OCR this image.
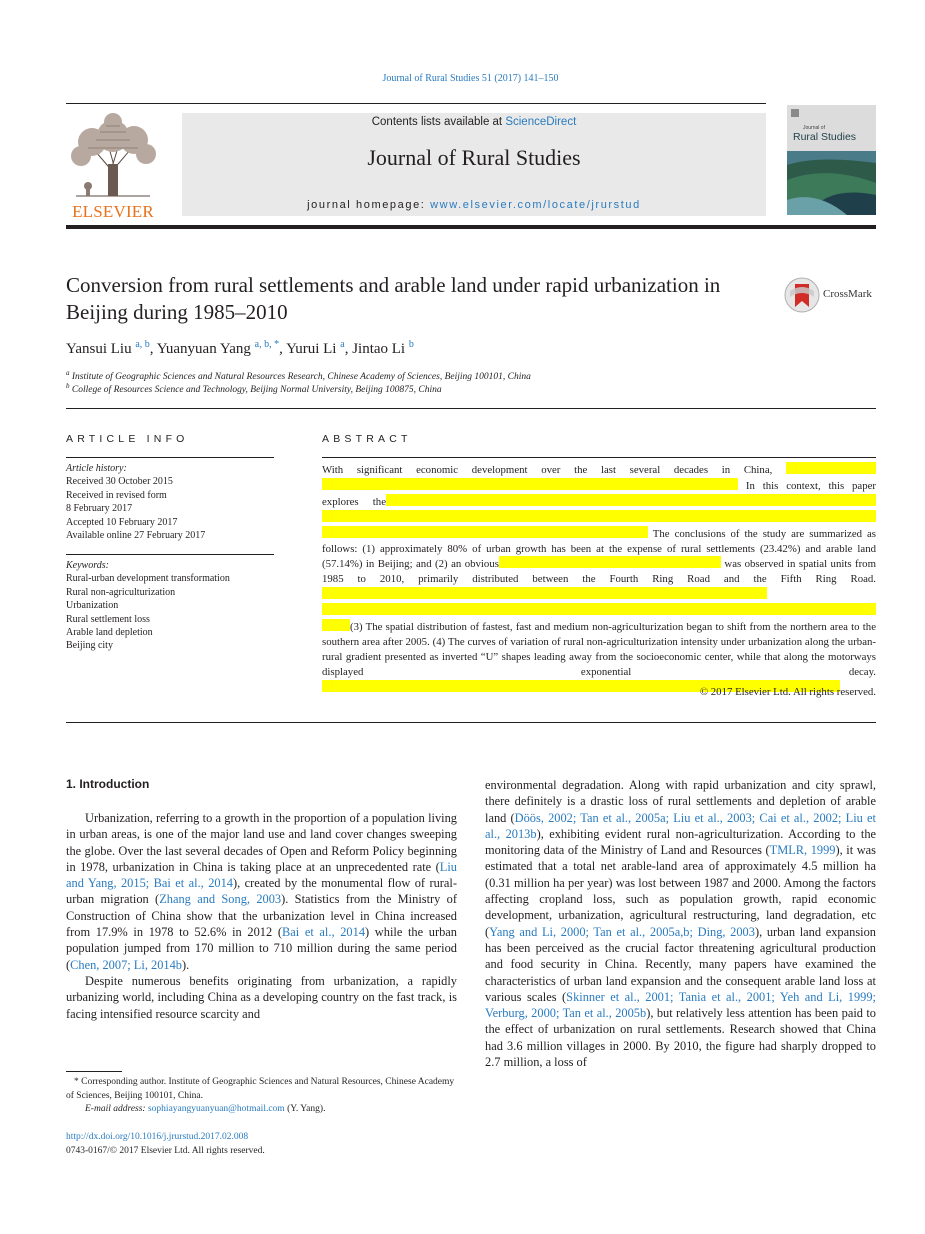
Journal of Rural Studies 51 (2017) 141–150
ELSEVIER
Contents lists available at ScienceDirect
Journal of Rural Studies
journal homepage: www.elsevier.com/locate/jrurstud
Journal of
Rural Studies
Conversion from rural settlements and arable land under rapid urbanization in Beijing during 1985–2010
CrossMark
Yansui Liu $^{a, b}$, Yuanyuan Yang $^{a, b, *}$, Yurui Li $^a$, Jintao Li $^b$
$^a$ Institute of Geographic Sciences and Natural Resources Research, Chinese Academy of Sciences, Beijing 100101, China
$^b$ College of Resources Science and Technology, Beijing Normal University, Beijing 100875, China
ARTICLE INFO
Article history:
Received 30 October 2015
Received in revised form
8 February 2017
Accepted 10 February 2017
Available online 27 February 2017
Keywords:
Rural-urban development transformation
Rural non-agriculturization
Urbanization
Rural settlement loss
Arable land depletion
Beijing city
ABSTRACT
With significant economic development over the last several decades in China,   In this context, this paper explores the   The conclusions of the study are summarized as follows: (1) approximately 80% of urban growth has been at the expense of rural settlements (23.42%) and arable land (57.14%) in Beijing; and (2) an obvious	was observed in spatial units from 1985 to 2010, primarily distributed between the Fourth Ring Road and the Fifth Ring Road.  (3) The spatial distribution of fastest, fast and medium non-agriculturization began to shift from the northern area to the southern area after 2005. (4) The curves of variation of rural non-agriculturization intensity under urbanization along the urban-rural gradient presented as inverted “U” shapes leading away from the socioeconomic center, while that along the motorways displayed exponential decay.
© 2017 Elsevier Ltd. All rights reserved.
1. Introduction

Urbanization, referring to a growth in the proportion of a population living in urban areas, is one of the major land use and land cover changes sweeping the globe. Over the last several decades of Open and Reform Policy beginning in 1978, urbanization in China is taking place at an unprecedented rate (Liu and Yang, 2015; Bai et al., 2014), created by the monumental flow of rural-urban migration (Zhang and Song, 2003). Statistics from the Ministry of Construction of China show that the urbanization level in China increased from 17.9% in 1978 to 52.6% in 2012 (Bai et al., 2014) while the urban population jumped from 170 million to 710 million during the same period (Chen, 2007; Li, 2014b).

Despite numerous benefits originating from urbanization, a rapidly urbanizing world, including China as a developing country on the fast track, is facing intensified resource scarcity and

environmental degradation. Along with rapid urbanization and city sprawl, there definitely is a drastic loss of rural settlements and depletion of arable land (Döös, 2002; Tan et al., 2005a; Liu et al., 2003; Cai et al., 2002; Liu et al., 2013b), exhibiting evident rural non-agriculturization. According to the monitoring data of the Ministry of Land and Resources (TMLR, 1999), it was estimated that a total net arable-land area of approximately 4.5 million ha (0.31 million ha per year) was lost between 1987 and 2000. Among the factors affecting cropland loss, such as population growth, rapid economic development, urbanization, agricultural restructuring, land degradation, etc (Yang and Li, 2000; Tan et al., 2005a,b; Ding, 2003), urban land expansion has been perceived as the crucial factor threatening agricultural production and food security in China. Recently, many papers have examined the characteristics of urban land expansion and the consequent arable land loss at various scales (Skinner et al., 2001; Tania et al., 2001; Yeh and Li, 1999; Verburg, 2000; Tan et al., 2005b), but relatively less attention has been paid to the effect of urbanization on rural settlements. Research showed that China had 3.6 million villages in 2000. By 2010, the figure had sharply dropped to 2.7 million, a loss of

* Corresponding author. Institute of Geographic Sciences and Natural Resources, Chinese Academy of Sciences, Beijing 100101, China.
E-mail address: sophiayangyuanyuan@hotmail.com (Y. Yang).
http://dx.doi.org/10.1016/j.jrurstud.2017.02.008
0743-0167/© 2017 Elsevier Ltd. All rights reserved.
